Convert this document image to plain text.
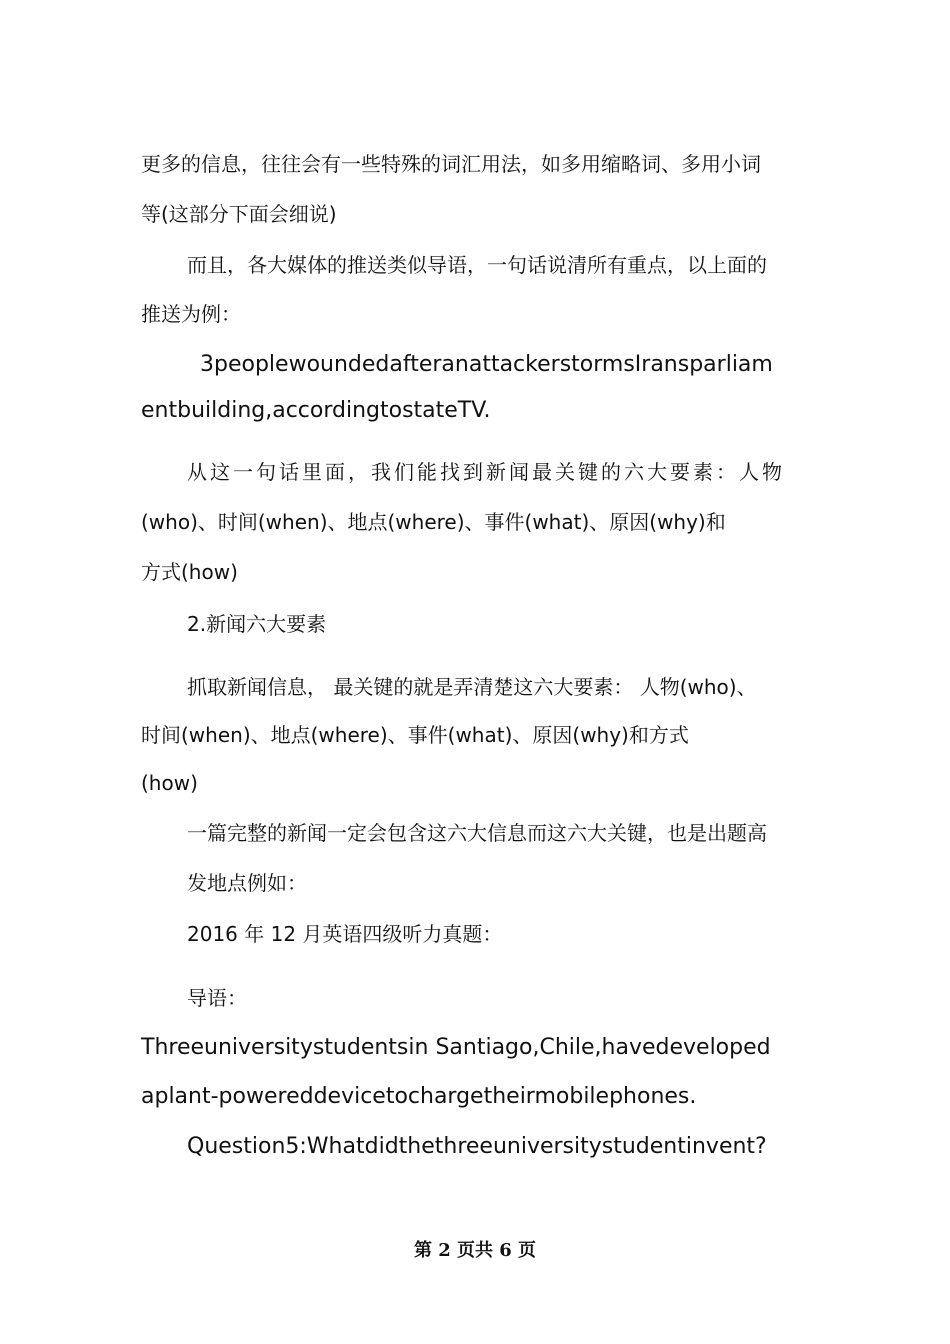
更多的信息，往往会有一些特殊的词汇用法，如多用缩略词、多用小词
等(这部分下面会细说)
而且，各大媒体的推送类似导语，一句话说清所有重点，以上面的
推送为例：
3peoplewoundedafteranattackerstormsIransparliam
entbuilding,accordingtostateTV.
从这一句话里面，我们能找到新闻最关键的六大要素：人物
(who)、时间(when)、地点(where)、事件(what)、原因(why)和
方式(how)
2.新闻六大要素
抓取新闻信息， 最关键的就是弄清楚这六大要素： 人物(who)、
时间(when)、地点(where)、事件(what)、原因(why)和方式
(how)
一篇完整的新闻一定会包含这六大信息而这六大关键，也是出题高
发地点例如：
2016 年 12 月英语四级听力真题：
导语：
Threeuniversitystudentsin Santiago,Chile,havedeveloped
aplant-powereddevicetochargetheirmobilephones.
Question5:Whatdidthethreeuniversitystudentinvent?
第 2 页共 6 页
